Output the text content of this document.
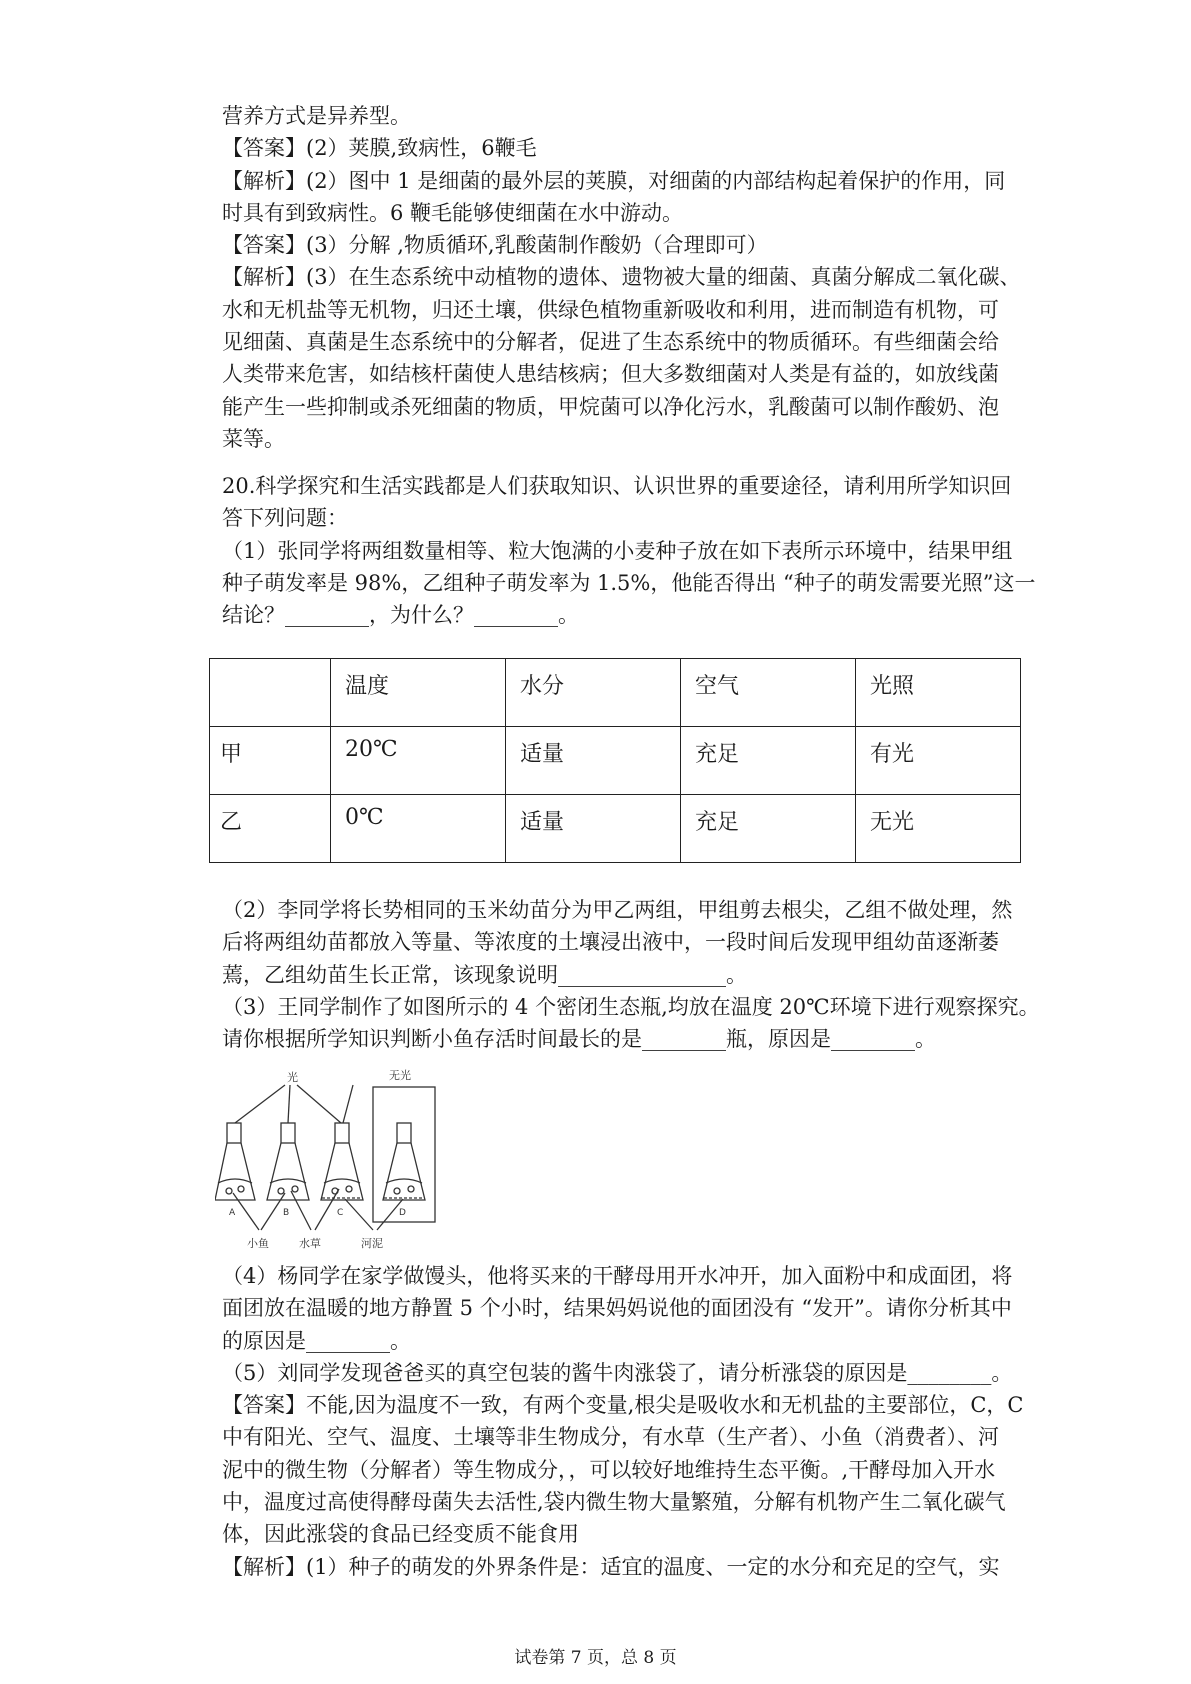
营养方式是异养型。

【答案】(2）荚膜,致病性，6鞭毛

【解析】(2）图中 1 是细菌的最外层的荚膜，对细菌的内部结构起着保护的作用，同

时具有到致病性。6 鞭毛能够使细菌在水中游动。

【答案】(3）分解 ,物质循环,乳酸菌制作酸奶（合理即可）

【解析】(3）在生态系统中动植物的遗体、遗物被大量的细菌、真菌分解成二氧化碳、

水和无机盐等无机物，归还土壤，供绿色植物重新吸收和利用，进而制造有机物，可

见细菌、真菌是生态系统中的分解者，促进了生态系统中的物质循环。有些细菌会给

人类带来危害，如结核杆菌使人患结核病；但大多数细菌对人类是有益的，如放线菌

能产生一些抑制或杀死细菌的物质，甲烷菌可以净化污水，乳酸菌可以制作酸奶、泡

菜等。

20.科学探究和生活实践都是人们获取知识、认识世界的重要途径，请利用所学知识回

答下列问题：

（1）张同学将两组数量相等、粒大饱满的小麦种子放在如下表所示环境中，结果甲组

种子萌发率是 98%，乙组种子萌发率为 1.5%，他能否得出 “种子的萌发需要光照”这一

结论？________，为什么？________。

	温度	水分	空气	光照
甲	20℃	适量	充足	有光
乙	0℃	适量	充足	无光

（2）李同学将长势相同的玉米幼苗分为甲乙两组，甲组剪去根尖，乙组不做处理，然

后将两组幼苗都放入等量、等浓度的土壤浸出液中，一段时间后发现甲组幼苗逐渐萎

蔫，乙组幼苗生长正常，该现象说明________________。

（3）王同学制作了如图所示的 4 个密闭生态瓶,均放在温度 20℃环境下进行观察探究。

请你根据所学知识判断小鱼存活时间最长的是________瓶，原因是________。

光	无光
A	B	C	D
小鱼	水草	河泥

（4）杨同学在家学做馒头，他将买来的干酵母用开水冲开，加入面粉中和成面团，将

面团放在温暖的地方静置 5 个小时，结果妈妈说他的面团没有 “发开”。请你分析其中

的原因是________。

（5）刘同学发现爸爸买的真空包装的酱牛肉涨袋了，请分析涨袋的原因是________。

【答案】不能,因为温度不一致，有两个变量,根尖是吸收水和无机盐的主要部位，C，C

中有阳光、空气、温度、土壤等非生物成分，有水草（生产者）、小鱼（消费者）、河

泥中的微生物（分解者）等生物成分，，可以较好地维持生态平衡。,干酵母加入开水

中，温度过高使得酵母菌失去活性,袋内微生物大量繁殖，分解有机物产生二氧化碳气

体，因此涨袋的食品已经变质不能食用

【解析】(1）种子的萌发的外界条件是：适宜的温度、一定的水分和充足的空气，实

试卷第 7 页，总 8 页
